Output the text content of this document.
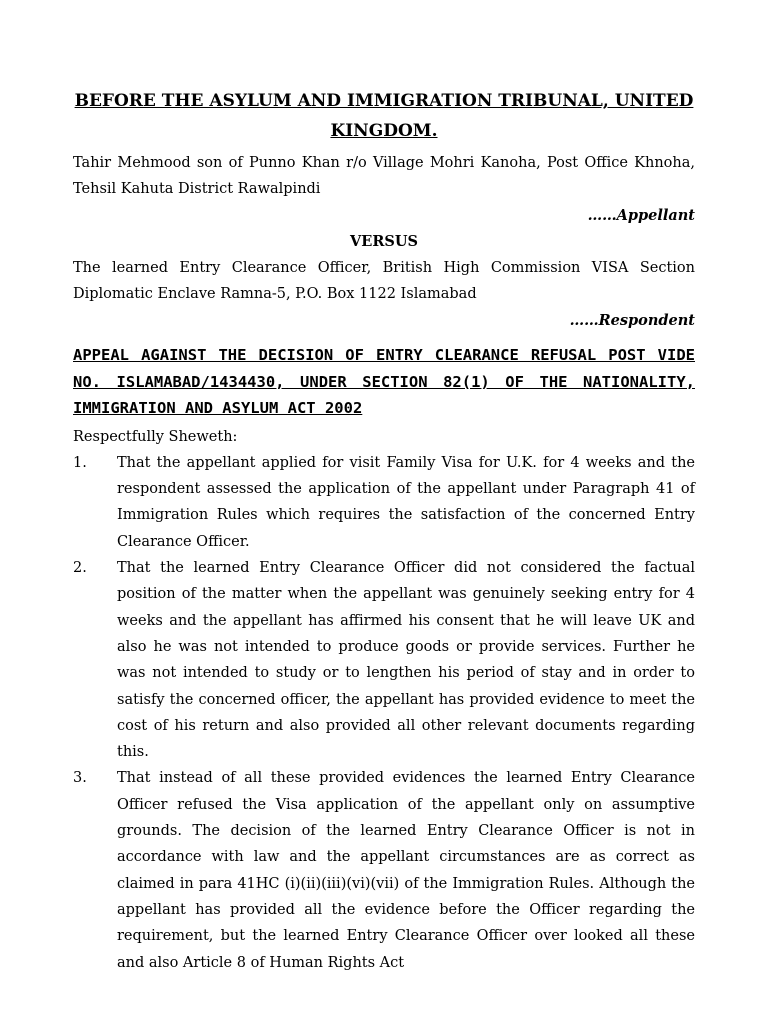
BEFORE THE ASYLUM AND IMMIGRATION TRIBUNAL, UNITED KINGDOM.
Tahir Mehmood son of Punno Khan r/o Village Mohri Kanoha, Post Office Khnoha, Tehsil Kahuta District Rawalpindi
……Appellant
VERSUS
The learned Entry Clearance Officer, British High Commission VISA Section Diplomatic Enclave Ramna-5, P.O. Box 1122 Islamabad
……Respondent
APPEAL AGAINST THE DECISION OF ENTRY CLEARANCE REFUSAL POST VIDE NO. ISLAMABAD/1434430, UNDER SECTION 82(1) OF THE NATIONALITY, IMMIGRATION AND ASYLUM ACT 2002
Respectfully Sheweth:
1.	That the appellant applied for visit Family Visa for U.K. for 4 weeks and the respondent assessed the application of the appellant under Paragraph 41 of Immigration Rules which requires the satisfaction of the concerned Entry Clearance Officer.
2.	That the learned Entry Clearance Officer did not considered the factual position of the matter when the appellant was genuinely seeking entry for 4 weeks and the appellant has affirmed his consent that he will leave UK and also he was not intended to produce goods or provide services. Further he was not intended to study or to lengthen his period of stay and in order to satisfy the concerned officer, the appellant has provided evidence to meet the cost of his return and also provided all other relevant documents regarding this.
3.	That instead of all these provided evidences the learned Entry Clearance Officer refused the Visa application of the appellant only on assumptive grounds. The decision of the learned Entry Clearance Officer is not in accordance with law and the appellant circumstances are as correct as claimed in para 41HC (i)(ii)(iii)(vi)(vii) of the Immigration Rules. Although the appellant has provided all the evidence before the Officer regarding the requirement, but the learned Entry Clearance Officer over looked all these and also Article 8 of Human Rights Act
